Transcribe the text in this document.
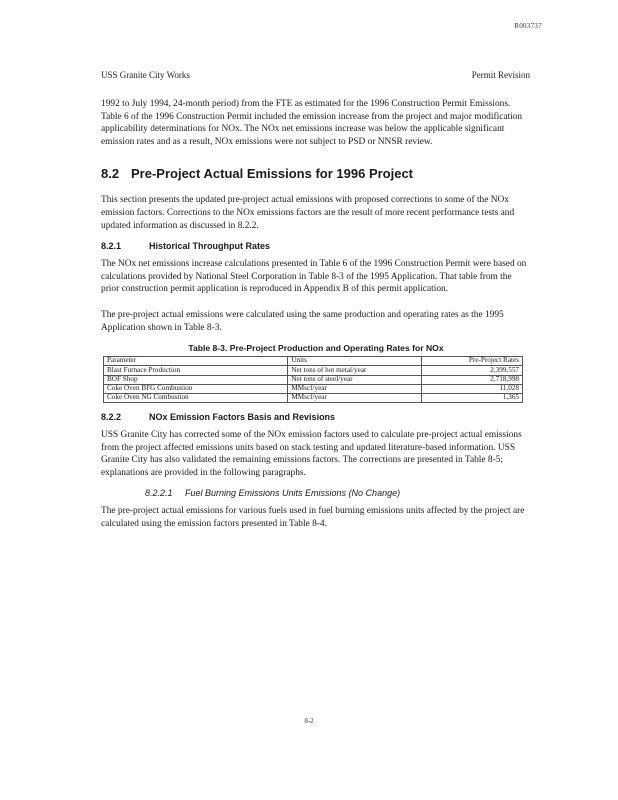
R003737
USS Granite City Works	Permit Revision

1992 to July 1994, 24-month period) from the FTE as estimated for the 1996 Construction Permit Emissions. Table 6 of the 1996 Construction Permit included the emission increase from the project and major modification applicability determinations for NOx. The NOx net emissions increase was below the applicable significant emission rates and as a result, NOx emissions were not subject to PSD or NNSR review.

8.2 Pre-Project Actual Emissions for 1996 Project

This section presents the updated pre-project actual emissions with proposed corrections to some of the NOx emission factors. Corrections to the NOx emissions factors are the result of more recent performance tests and updated information as discussed in 8.2.2.

8.2.1	Historical Throughput Rates

The NOx net emissions increase calculations presented in Table 6 of the 1996 Construction Permit were based on calculations provided by National Steel Corporation in Table 8-3 of the 1995 Application. That table from the prior construction permit application is reproduced in Appendix B of this permit application.

The pre-project actual emissions were calculated using the same production and operating rates as the 1995 Application shown in Table 8-3.

Table 8-3. Pre-Project Production and Operating Rates for NOx
Parameter	Units	Pre-Project Rates
Blast Furnace Production	Net tons of hot metal/year	2,399,557
BOF Shop	Net tons of steel/year	2,718,998
Coke Oven BFG Combustion	MMscf/year	11,028
Coke Oven NG Combustion	MMscf/year	1,365
8.2.2	NOx Emission Factors Basis and Revisions

USS Granite City has corrected some of the NOx emission factors used to calculate pre-project actual emissions from the project affected emissions units based on stack testing and updated literature-based information. USS Granite City has also validated the remaining emissions factors. The corrections are presented in Table 8-5; explanations are provided in the following paragraphs.

8.2.2.1	Fuel Burning Emissions Units Emissions (No Change)

The pre-project actual emissions for various fuels used in fuel burning emissions units affected by the project are calculated using the emission factors presented in Table 8-4.

8-2
